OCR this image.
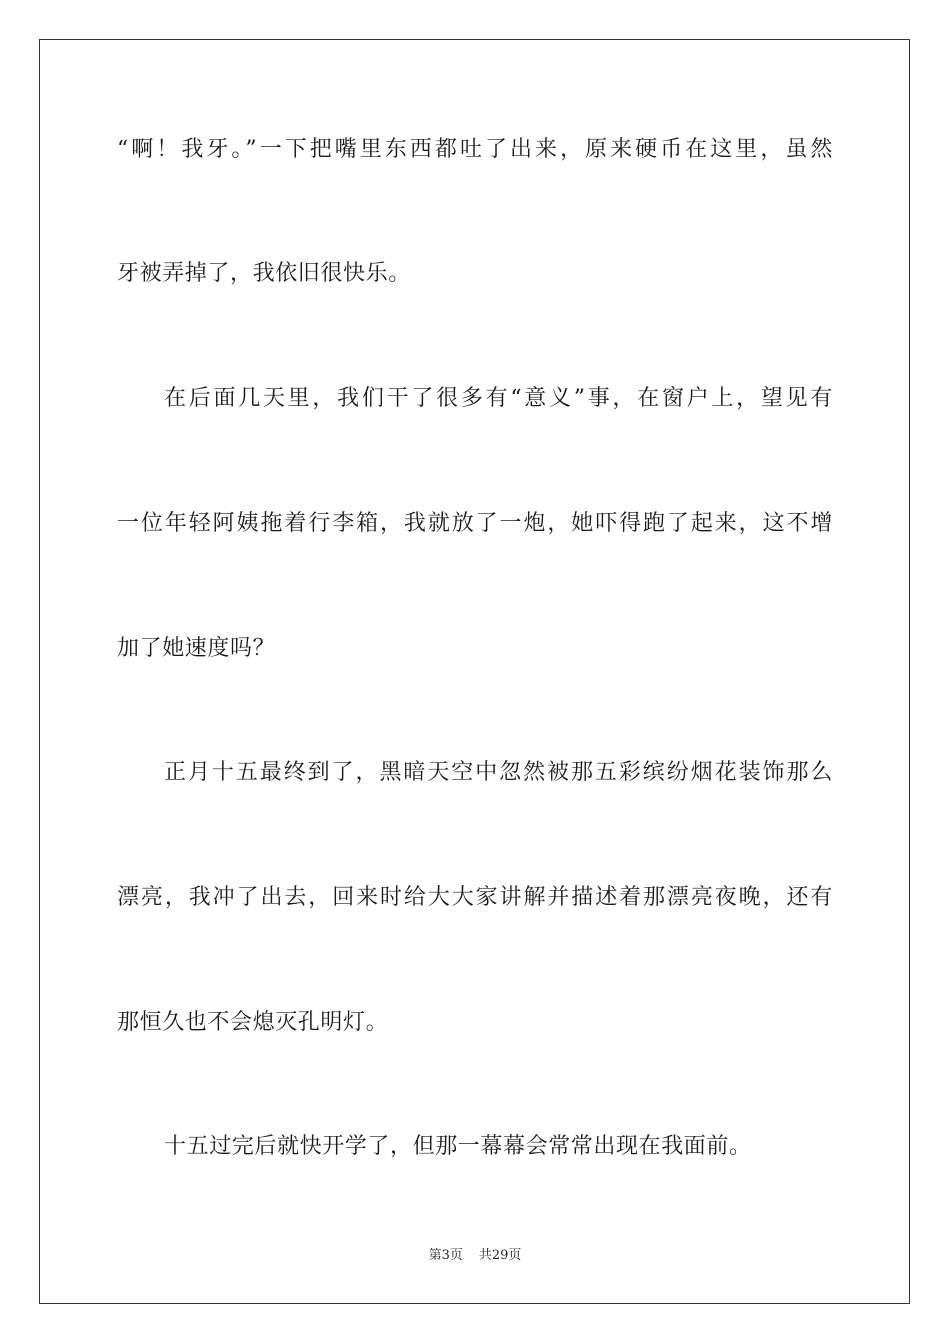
“啊！我牙。”一下把嘴里东西都吐了出来，原来硬币在这里，虽然
牙被弄掉了，我依旧很快乐。
在后面几天里，我们干了很多有“意义”事，在窗户上，望见有
一位年轻阿姨拖着行李箱，我就放了一炮，她吓得跑了起来，这不增
加了她速度吗？
正月十五最终到了，黑暗天空中忽然被那五彩缤纷烟花装饰那么
漂亮，我冲了出去，回来时给大大家讲解并描述着那漂亮夜晚，还有
那恒久也不会熄灭孔明灯。
十五过完后就快开学了，但那一幕幕会常常出现在我面前。
第3页 共29页
